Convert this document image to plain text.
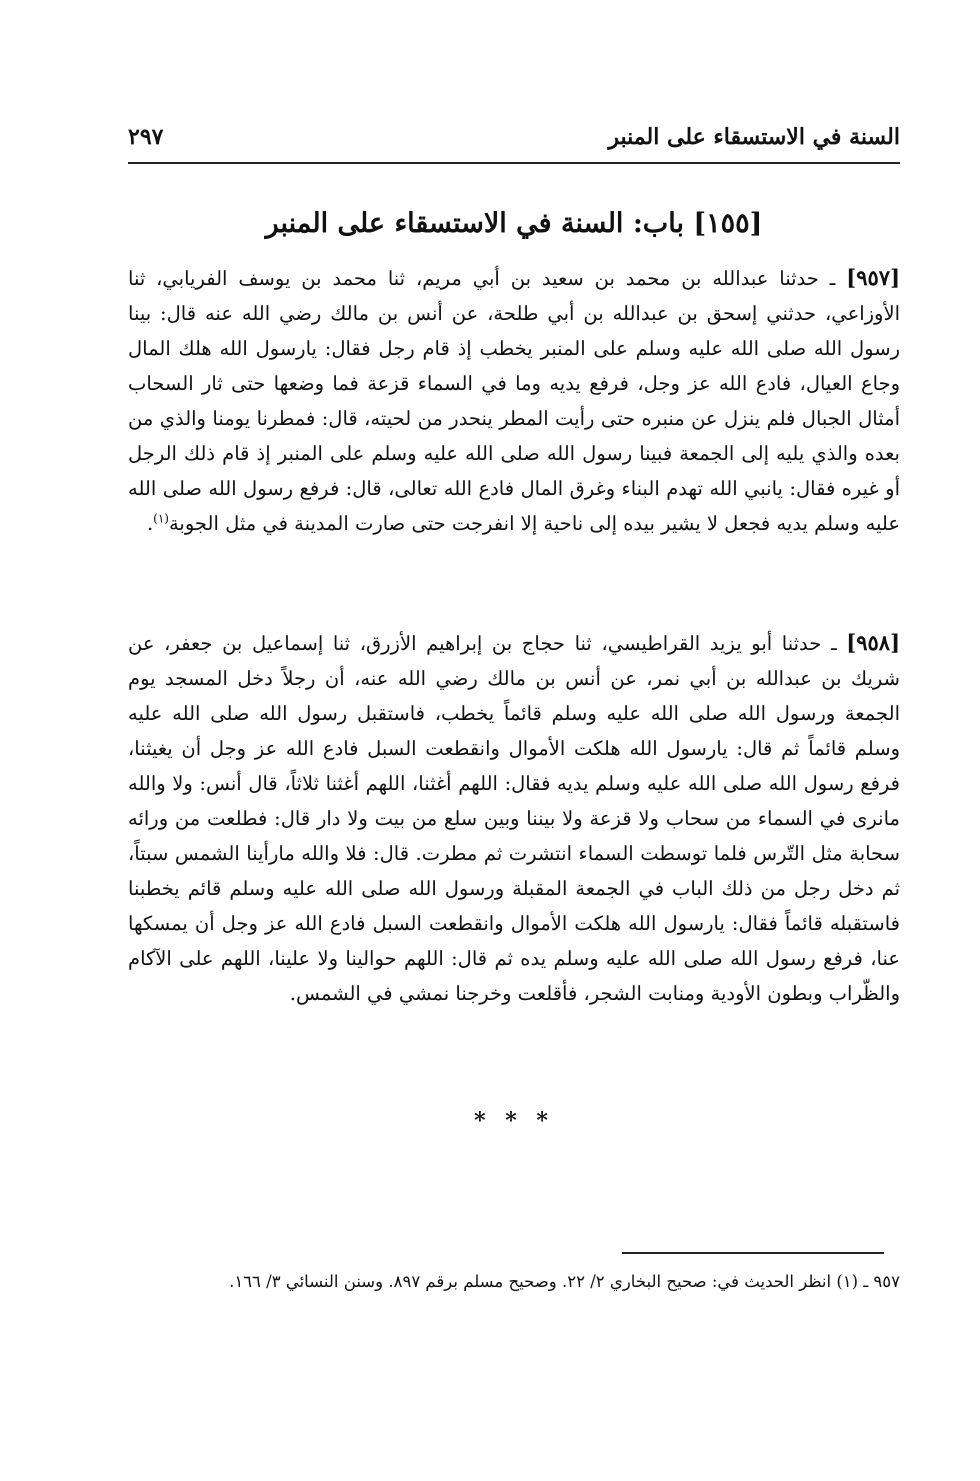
السنة في الاستسقاء على المنبر
٢٩٧
[١٥٥] باب: السنة في الاستسقاء على المنبر
[٩٥٧] ـ حدثنا عبدالله بن محمد بن سعيد بن أبي مريم، ثنا محمد بن يوسف الفريابي، ثنا الأوزاعي، حدثني إسحق بن عبدالله بن أبي طلحة، عن أنس بن مالك رضي الله عنه قال: بينا رسول الله صلى الله عليه وسلم على المنبر يخطب إذ قام رجل فقال: يارسول الله هلك المال وجاع العيال، فادع الله عز وجل، فرفع يديه وما في السماء قزعة فما وضعها حتى ثار السحاب أمثال الجبال فلم ينزل عن منبره حتى رأيت المطر ينحدر من لحيته، قال: فمطرنا يومنا والذي من بعده والذي يليه إلى الجمعة فبينا رسول الله صلى الله عليه وسلم على المنبر إذ قام ذلك الرجل أو غيره فقال: يانبي الله تهدم البناء وغرق المال فادع الله تعالى، قال: فرفع رسول الله صلى الله عليه وسلم يديه فجعل لا يشير بيده إلى ناحية إلا انفرجت حتى صارت المدينة في مثل الجوبة$^{(١)}$.
[٩٥٨] ـ حدثنا أبو يزيد القراطيسي، ثنا حجاج بن إبراهيم الأزرق، ثنا إسماعيل بن جعفر، عن شريك بن عبدالله بن أبي نمر، عن أنس بن مالك رضي الله عنه، أن رجلاً دخل المسجد يوم الجمعة ورسول الله صلى الله عليه وسلم قائماً يخطب، فاستقبل رسول الله صلى الله عليه وسلم قائماً ثم قال: يارسول الله هلكت الأموال وانقطعت السبل فادع الله عز وجل أن يغيثنا، فرفع رسول الله صلى الله عليه وسلم يديه فقال: اللهم أغثنا، اللهم أغثنا ثلاثاً، قال أنس: ولا والله مانرى في السماء من سحاب ولا قزعة ولا بيننا وبين سلع من بيت ولا دار قال: فطلعت من ورائه سحابة مثل التّرس فلما توسطت السماء انتشرت ثم مطرت. قال: فلا والله مارأينا الشمس سبتاً، ثم دخل رجل من ذلك الباب في الجمعة المقبلة ورسول الله صلى الله عليه وسلم قائم يخطبنا فاستقبله قائماً فقال: يارسول الله هلكت الأموال وانقطعت السبل فادع الله عز وجل أن يمسكها عنا، فرفع رسول الله صلى الله عليه وسلم يده ثم قال: اللهم حوالينا ولا علينا، اللهم على الآكام والظّراب وبطون الأودية ومنابت الشجر، فأقلعت وخرجنا نمشي في الشمس.
* * *
٩٥٧ ـ (١) انظر الحديث في: صحيح البخاري ٢/ ٢٢. وصحيح مسلم برقم ٨٩٧. وسنن النسائي ٣/ ١٦٦.
